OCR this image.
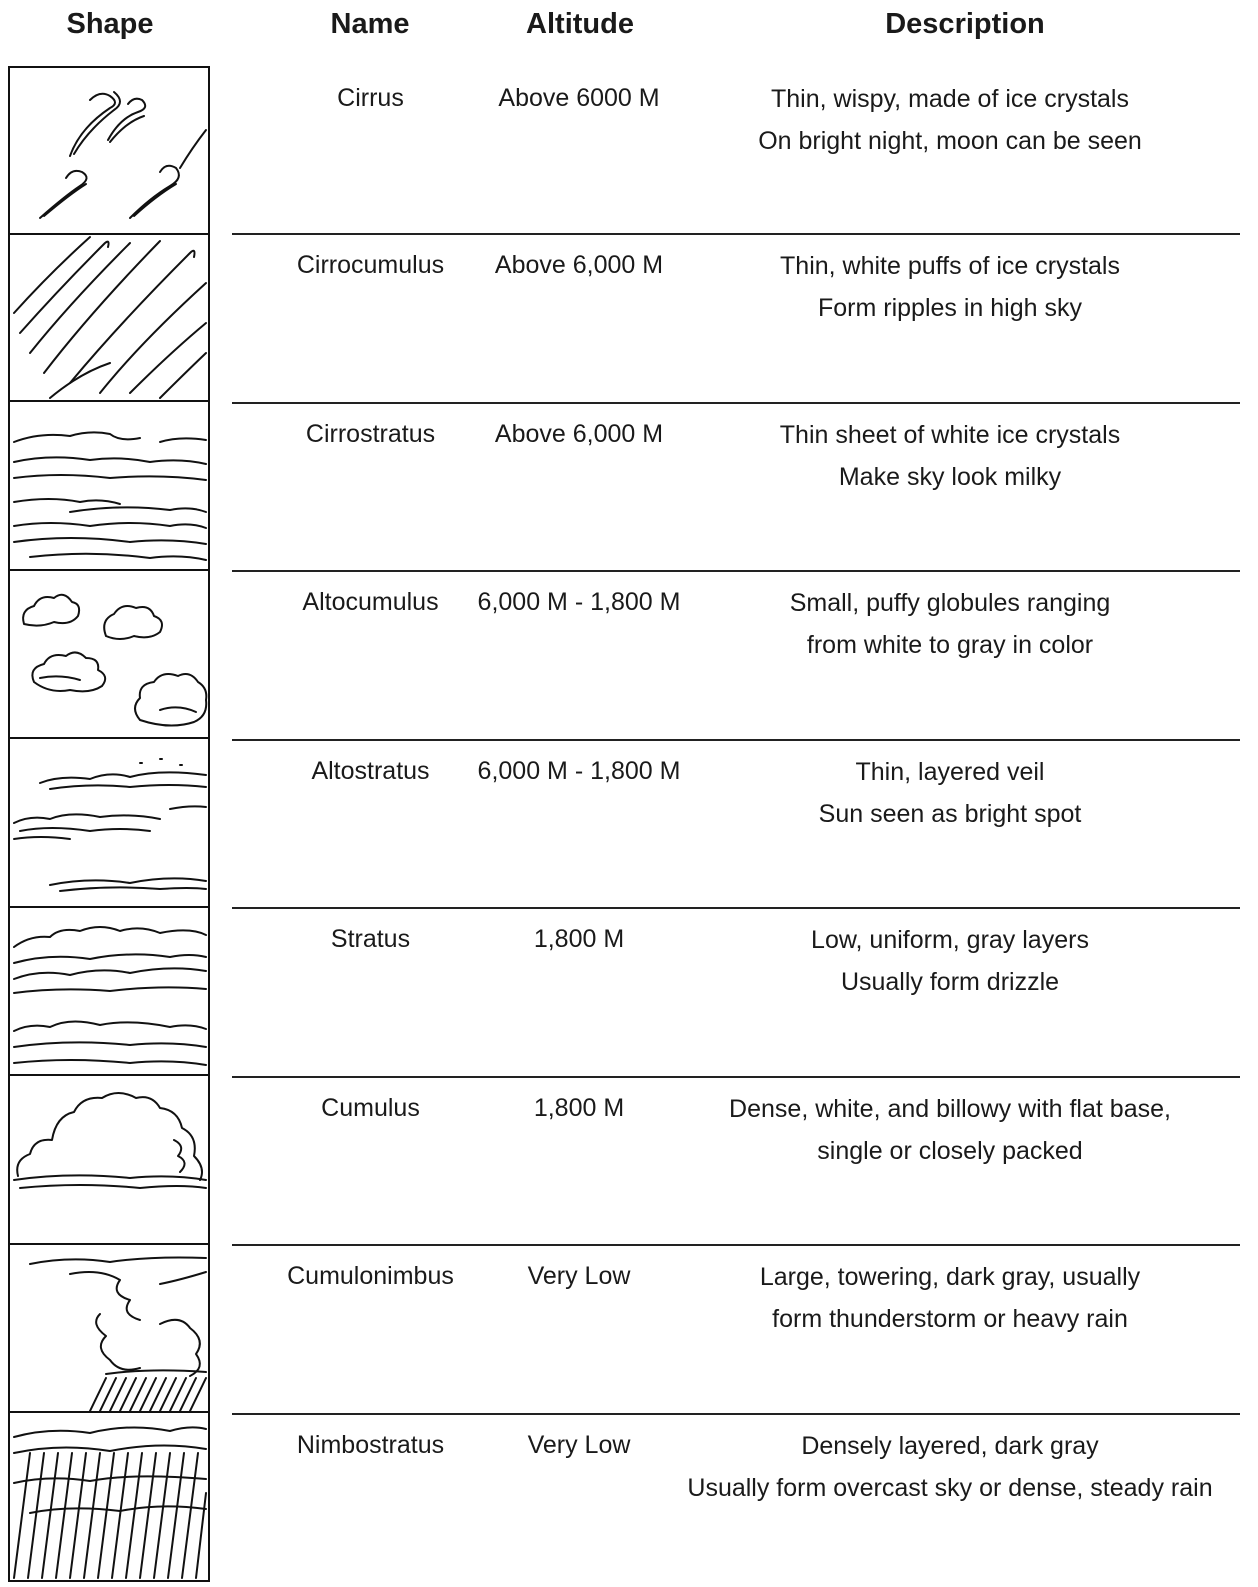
Shape	Name	Altitude	Description
Cirrus	Above 6000 M	Thin, wispy, made of ice crystals
On bright night, moon can be seen
Cirrocumulus	Above 6,000 M	Thin, white puffs of ice crystals
Form ripples in high sky
Cirrostratus	Above 6,000 M	Thin sheet of white ice crystals
Make sky look milky
Altocumulus	6,000 M - 1,800 M	Small, puffy globules ranging
from white to gray in color
Altostratus	6,000 M - 1,800 M	Thin, layered veil
Sun seen as bright spot
Stratus	1,800 M	Low, uniform, gray layers
Usually form drizzle
Cumulus	1,800 M	Dense, white, and billowy with flat base,
single or closely packed
Cumulonimbus	Very Low	Large, towering, dark gray, usually
form thunderstorm or heavy rain
Nimbostratus	Very Low	Densely layered, dark gray
Usually form overcast sky or dense, steady rain
